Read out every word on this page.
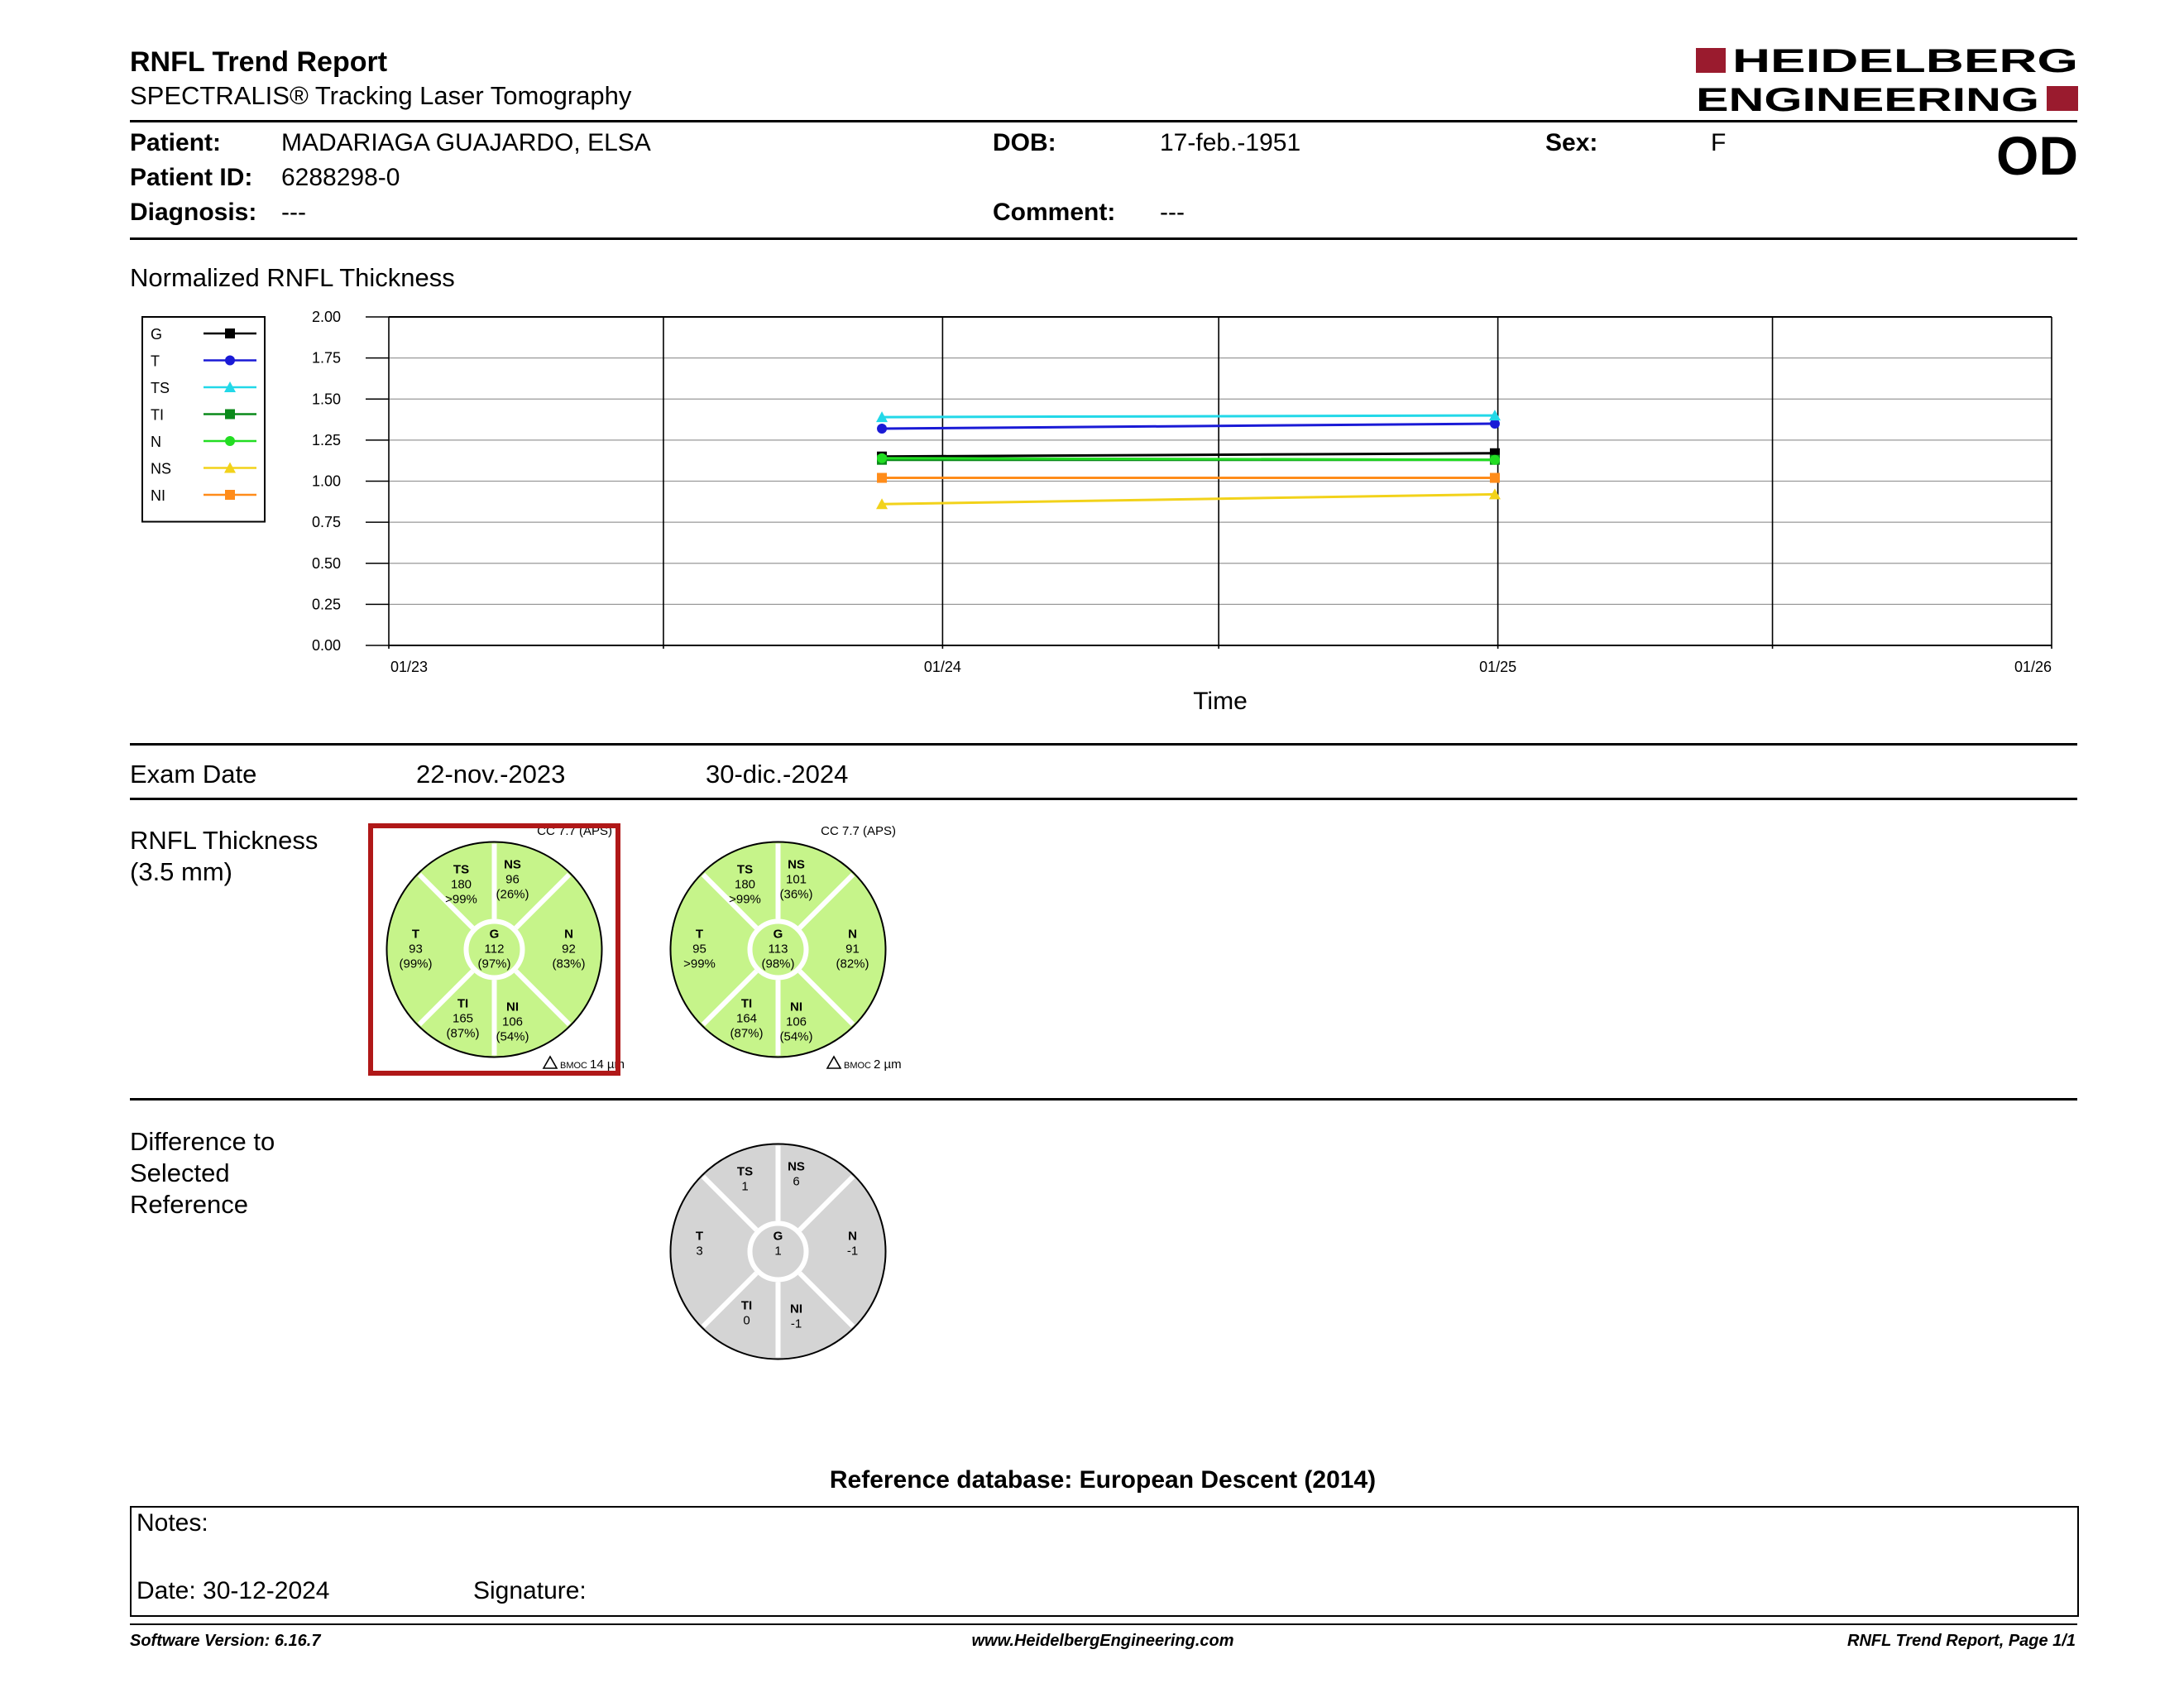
RNFL Trend Report
SPECTRALIS® Tracking Laser Tomography
HEIDELBERG
ENGINEERING
OD
Patient: MADARIAGA GUAJARDO, ELSA
Patient ID: 6288298-0
Diagnosis: ---
DOB:	17-feb.-1951
Comment: ---
Sex:	F
Normalized RNFL Thickness
0.00
0.25
0.50
0.75
1.00
1.25
1.50
1.75
2.00
01/23	01/24	01/25	01/26
Time
G
T
TS
TI
N
NS
NI
Exam Date	22-nov.-2023	30-dic.-2024
RNFL Thickness
(3.5 mm)	TS
180
>99%
NS
96
(26%)
T
93
(99%)
G
112
(97%)
N
92
(83%)
TI
165
(87%)
NI
106
(54%)
CC 7.7 (APS)
BMOC 14 µm
TS
180
>99%
NS
101
(36%)
T
95
>99%
G
113
(98%)
N
91
(82%)
TI
164
(87%)
NI
106
(54%)
CC 7.7 (APS)
BMOC 2 µm
Difference to
Selected
Reference
TS
1
NS
6
T
3
G
1
N
-1
TI
0
NI
-1
Reference database: European Descent (2014)
Notes:
Date: 30-12-2024	Signature:
Software Version: 6.16.7	www.HeidelbergEngineering.com	RNFL Trend Report, Page 1/1
